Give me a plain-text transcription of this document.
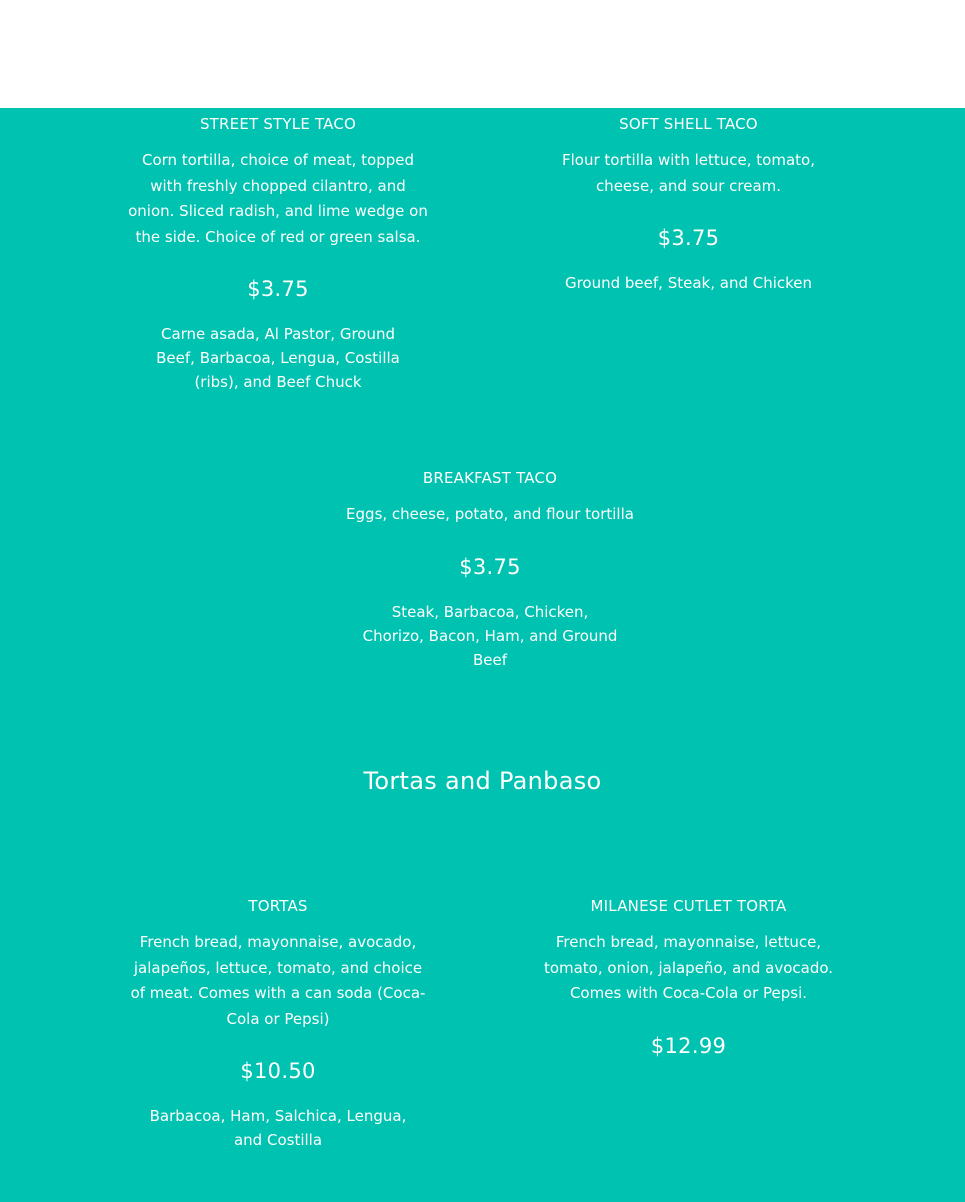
STREET STYLE TACO

Corn tortilla, choice of meat, topped with freshly chopped cilantro, and onion. Sliced radish, and lime wedge on the side. Choice of red or green salsa.

$3.75

Carne asada, Al Pastor, Ground Beef, Barbacoa, Lengua, Costilla (ribs), and Beef Chuck

SOFT SHELL TACO

Flour tortilla with lettuce, tomato, cheese, and sour cream.

$3.75

Ground beef, Steak, and Chicken

BREAKFAST TACO

Eggs, cheese, potato, and flour tortilla

$3.75

Steak, Barbacoa, Chicken, Chorizo, Bacon, Ham, and Ground Beef

Tortas and Panbaso

TORTAS

French bread, mayonnaise, avocado, jalapeños, lettuce, tomato, and choice of meat. Comes with a can soda (Coca-Cola or Pepsi)

$10.50

Barbacoa, Ham, Salchica, Lengua, and Costilla

MILANESE CUTLET TORTA

French bread, mayonnaise, lettuce, tomato, onion, jalapeño, and avocado. Comes with Coca-Cola or Pepsi.

$12.99
